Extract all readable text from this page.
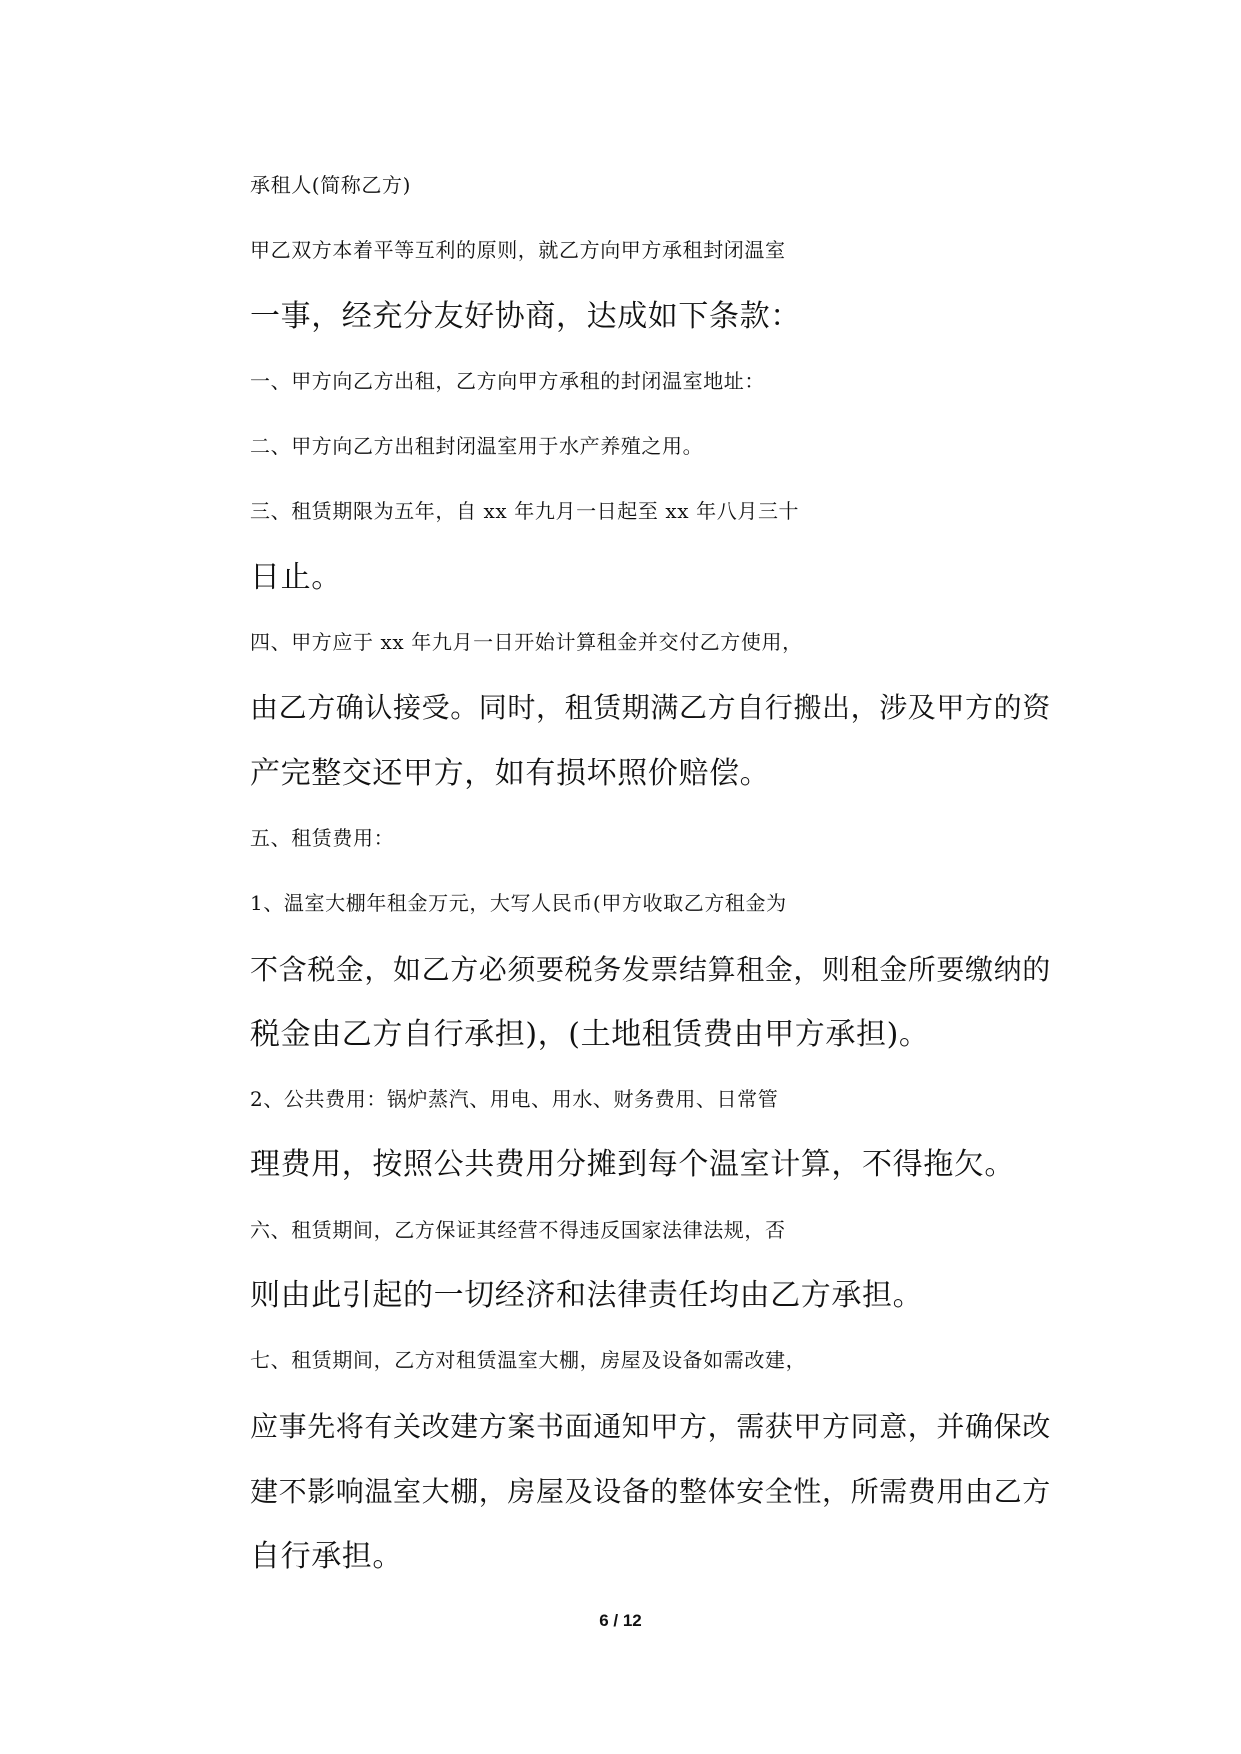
承租人(简称乙方)

甲乙双方本着平等互利的原则，就乙方向甲方承租封闭温室
一事，经充分友好协商，达成如下条款：

一、甲方向乙方出租，乙方向甲方承租的封闭温室地址：

二、甲方向乙方出租封闭温室用于水产养殖之用。

三、租赁期限为五年，自 xx 年九月一日起至 xx 年八月三十
日止。

四、甲方应于 xx 年九月一日开始计算租金并交付乙方使用，
由乙方确认接受。同时，租赁期满乙方自行搬出，涉及甲方的资
产完整交还甲方，如有损坏照价赔偿。

五、租赁费用：

1、温室大棚年租金万元，大写人民币(甲方收取乙方租金为
不含税金，如乙方必须要税务发票结算租金，则租金所要缴纳的
税金由乙方自行承担)，(土地租赁费由甲方承担)。

2、公共费用：锅炉蒸汽、用电、用水、财务费用、日常管
理费用，按照公共费用分摊到每个温室计算，不得拖欠。

六、租赁期间，乙方保证其经营不得违反国家法律法规，否
则由此引起的一切经济和法律责任均由乙方承担。

七、租赁期间，乙方对租赁温室大棚，房屋及设备如需改建，
应事先将有关改建方案书面通知甲方，需获甲方同意，并确保改
建不影响温室大棚，房屋及设备的整体安全性，所需费用由乙方
自行承担。

6 / 12
